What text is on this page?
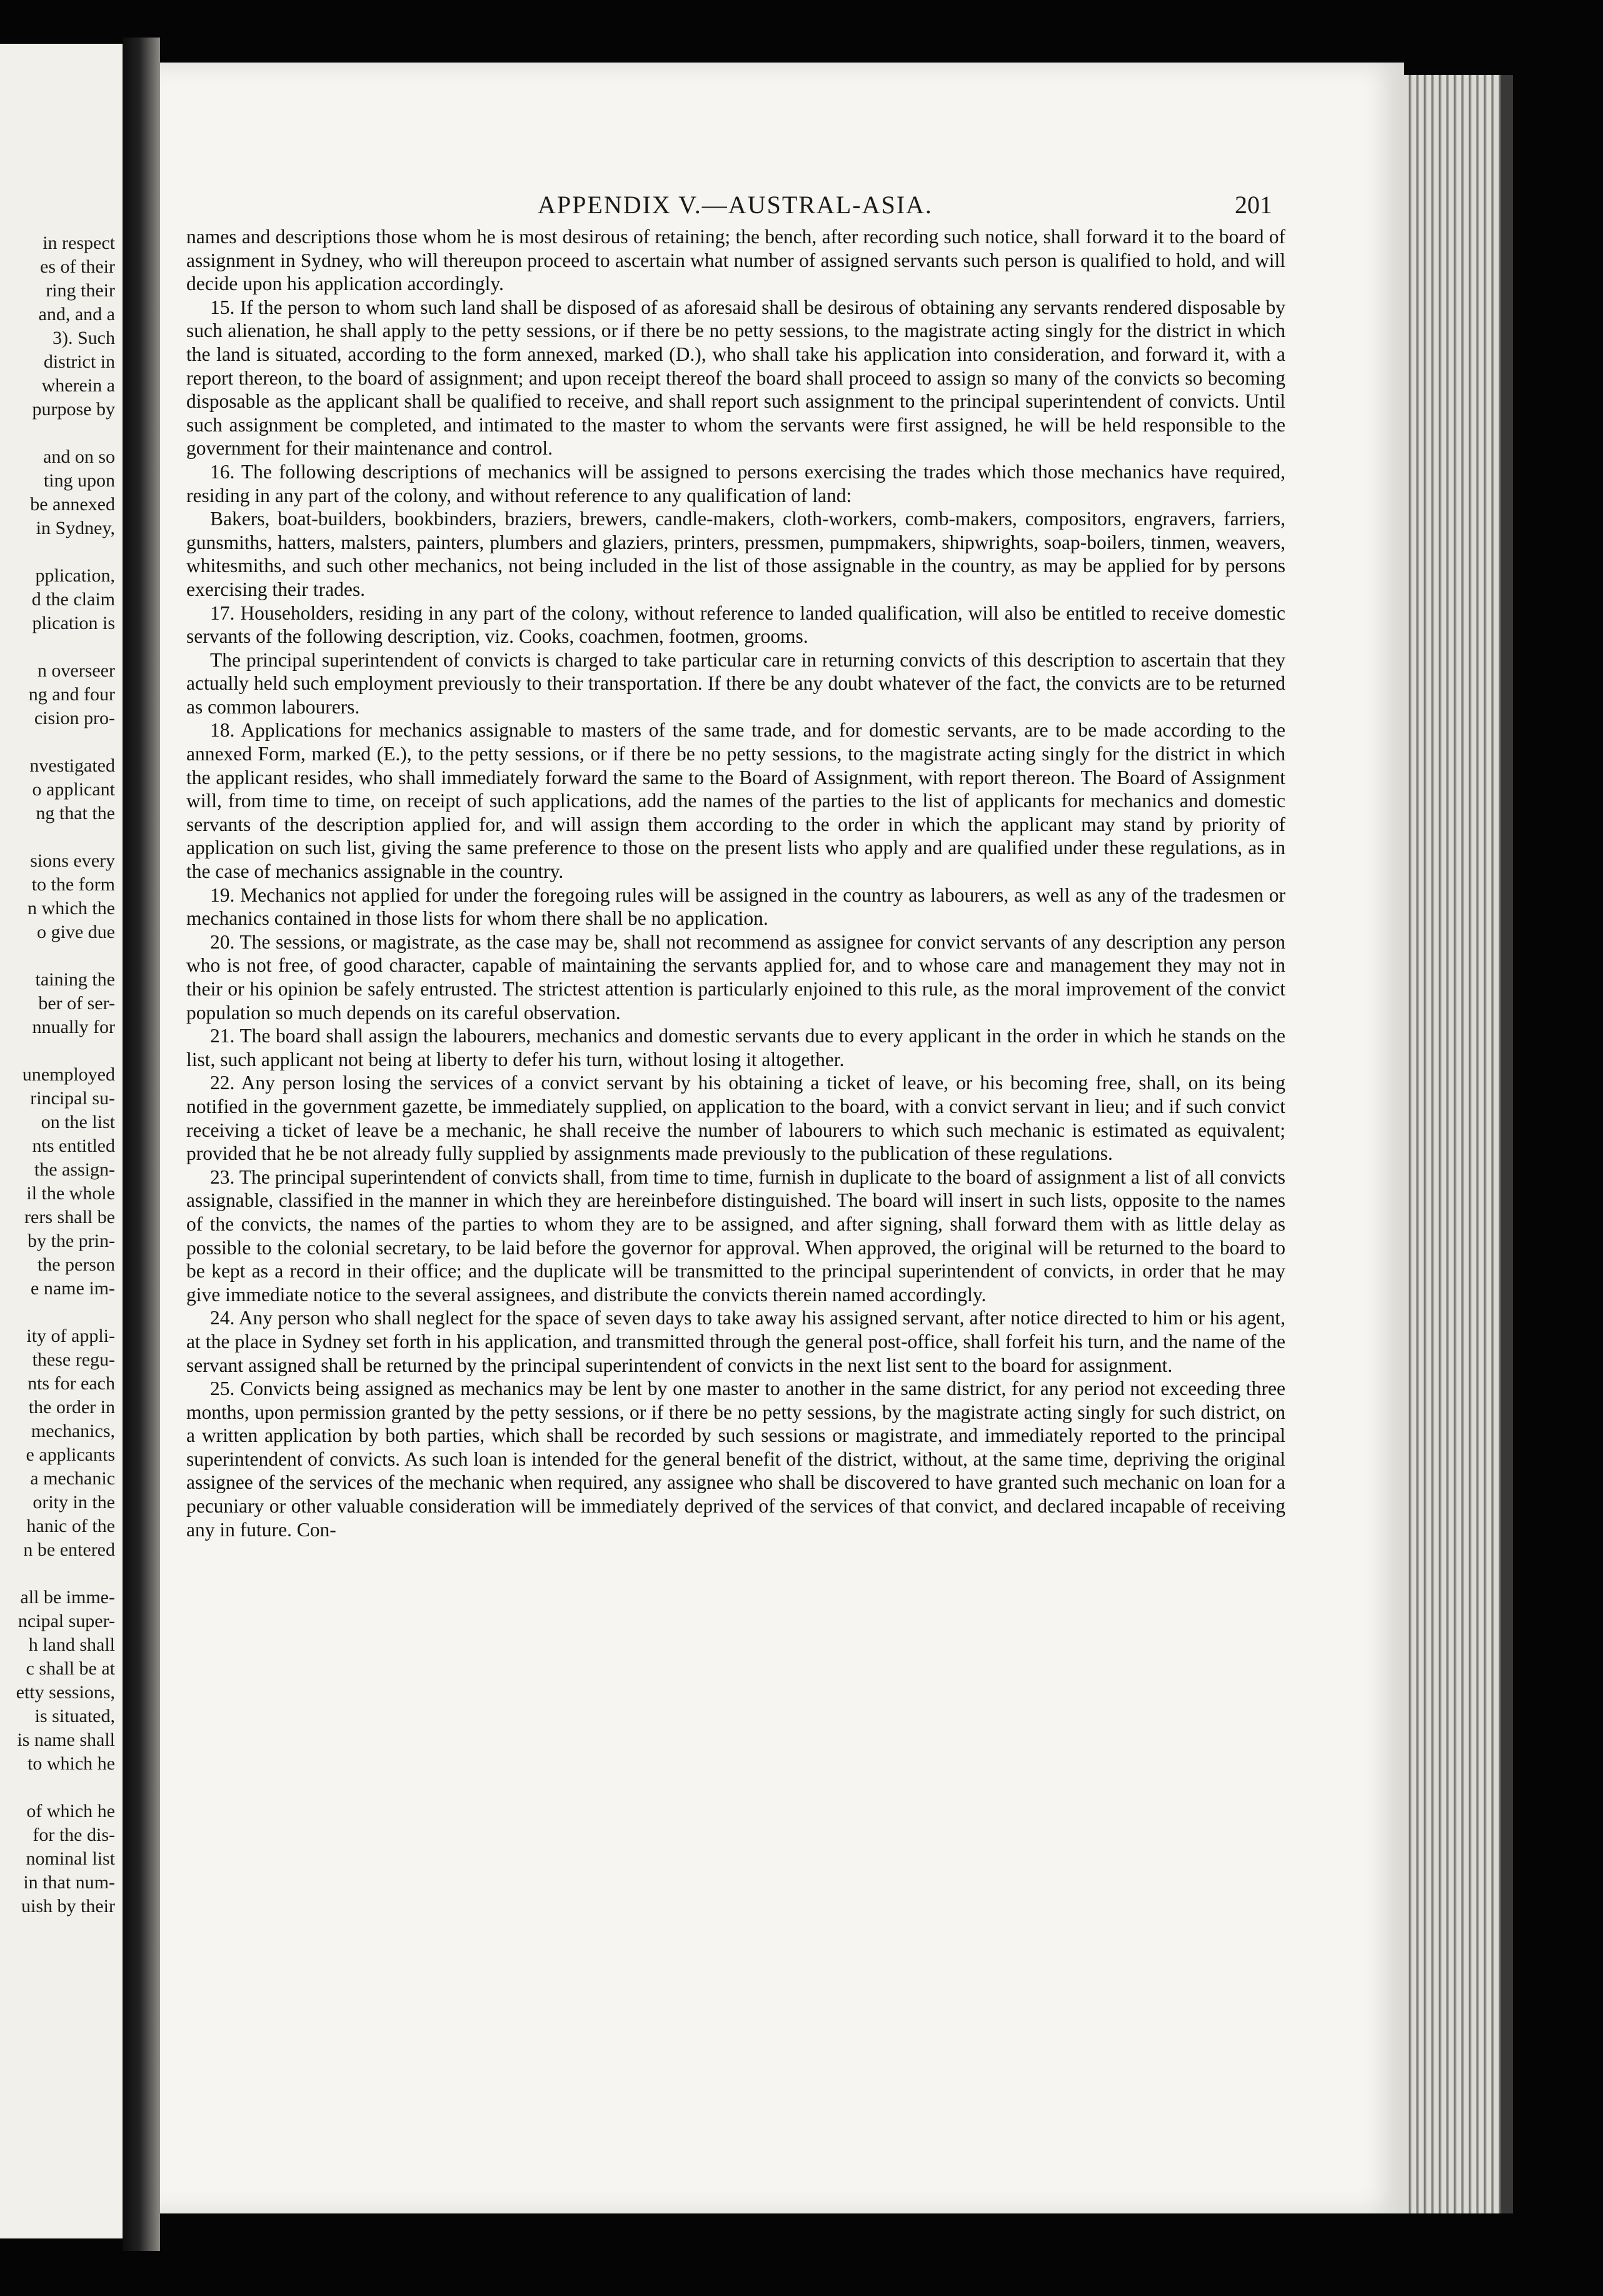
in respect
es of their
ring their
and, and a
3). Such
district in
wherein a
purpose by
and on so
ting upon
be annexed
in Sydney,
pplication,
d the claim
plication is
n overseer
ng and four
cision pro-
nvestigated
o applicant
ng that the
sions every
to the form
n which the
o give due
taining the
ber of ser-
nnually for
unemployed
rincipal su-
on the list
nts entitled
the assign-
il the whole
rers shall be
by the prin-
the person
e name im-
ity of appli-
these regu-
nts for each
the order in
mechanics,
e applicants
a mechanic
ority in the
hanic of the
n be entered
all be imme-
ncipal super-
h land shall
c shall be at
etty sessions,
is situated,
is name shall
to which he
of which he
for the dis-
nominal list
in that num-
uish by their
APPENDIX V.—AUSTRAL-ASIA.	201

names and descriptions those whom he is most desirous of retaining; the bench, after recording such notice, shall forward it to the board of assignment in Sydney, who will thereupon proceed to ascertain what number of assigned servants such person is qualified to hold, and will decide upon his application accordingly.

15. If the person to whom such land shall be disposed of as aforesaid shall be desirous of obtaining any servants rendered disposable by such alienation, he shall apply to the petty sessions, or if there be no petty sessions, to the magistrate acting singly for the district in which the land is situated, according to the form annexed, marked (D.), who shall take his application into consideration, and forward it, with a report thereon, to the board of assignment; and upon receipt thereof the board shall proceed to assign so many of the convicts so becoming disposable as the applicant shall be qualified to receive, and shall report such assignment to the principal superintendent of convicts. Until such assignment be completed, and intimated to the master to whom the servants were first assigned, he will be held responsible to the government for their maintenance and control.

16. The following descriptions of mechanics will be assigned to persons exercising the trades which those mechanics have required, residing in any part of the colony, and without reference to any qualification of land:

Bakers, boat-builders, bookbinders, braziers, brewers, candle-makers, cloth-workers, comb-makers, compositors, engravers, farriers, gunsmiths, hatters, malsters, painters, plumbers and glaziers, printers, pressmen, pumpmakers, shipwrights, soap-boilers, tinmen, weavers, whitesmiths, and such other mechanics, not being included in the list of those assignable in the country, as may be applied for by persons exercising their trades.

17. Householders, residing in any part of the colony, without reference to landed qualification, will also be entitled to receive domestic servants of the following description, viz. Cooks, coachmen, footmen, grooms.

The principal superintendent of convicts is charged to take particular care in returning convicts of this description to ascertain that they actually held such employment previously to their transportation. If there be any doubt whatever of the fact, the convicts are to be returned as common labourers.

18. Applications for mechanics assignable to masters of the same trade, and for domestic servants, are to be made according to the annexed Form, marked (E.), to the petty sessions, or if there be no petty sessions, to the magistrate acting singly for the district in which the applicant resides, who shall immediately forward the same to the Board of Assignment, with report thereon. The Board of Assignment will, from time to time, on receipt of such applications, add the names of the parties to the list of applicants for mechanics and domestic servants of the description applied for, and will assign them according to the order in which the applicant may stand by priority of application on such list, giving the same preference to those on the present lists who apply and are qualified under these regulations, as in the case of mechanics assignable in the country.

19. Mechanics not applied for under the foregoing rules will be assigned in the country as labourers, as well as any of the tradesmen or mechanics contained in those lists for whom there shall be no application.

20. The sessions, or magistrate, as the case may be, shall not recommend as assignee for convict servants of any description any person who is not free, of good character, capable of maintaining the servants applied for, and to whose care and management they may not in their or his opinion be safely entrusted. The strictest attention is particularly enjoined to this rule, as the moral improvement of the convict population so much depends on its careful observation.

21. The board shall assign the labourers, mechanics and domestic servants due to every applicant in the order in which he stands on the list, such applicant not being at liberty to defer his turn, without losing it altogether.

22. Any person losing the services of a convict servant by his obtaining a ticket of leave, or his becoming free, shall, on its being notified in the government gazette, be immediately supplied, on application to the board, with a convict servant in lieu; and if such convict receiving a ticket of leave be a mechanic, he shall receive the number of labourers to which such mechanic is estimated as equivalent; provided that he be not already fully supplied by assignments made previously to the publication of these regulations.

23. The principal superintendent of convicts shall, from time to time, furnish in duplicate to the board of assignment a list of all convicts assignable, classified in the manner in which they are hereinbefore distinguished. The board will insert in such lists, opposite to the names of the convicts, the names of the parties to whom they are to be assigned, and after signing, shall forward them with as little delay as possible to the colonial secretary, to be laid before the governor for approval. When approved, the original will be returned to the board to be kept as a record in their office; and the duplicate will be transmitted to the principal superintendent of convicts, in order that he may give immediate notice to the several assignees, and distribute the convicts therein named accordingly.

24. Any person who shall neglect for the space of seven days to take away his assigned servant, after notice directed to him or his agent, at the place in Sydney set forth in his application, and transmitted through the general post-office, shall forfeit his turn, and the name of the servant assigned shall be returned by the principal superintendent of convicts in the next list sent to the board for assignment.

25. Convicts being assigned as mechanics may be lent by one master to another in the same district, for any period not exceeding three months, upon permission granted by the petty sessions, or if there be no petty sessions, by the magistrate acting singly for such district, on a written application by both parties, which shall be recorded by such sessions or magistrate, and immediately reported to the principal superintendent of convicts. As such loan is intended for the general benefit of the district, without, at the same time, depriving the original assignee of the services of the mechanic when required, any assignee who shall be discovered to have granted such mechanic on loan for a pecuniary or other valuable consideration will be immediately deprived of the services of that convict, and declared incapable of receiving any in future. Con-
